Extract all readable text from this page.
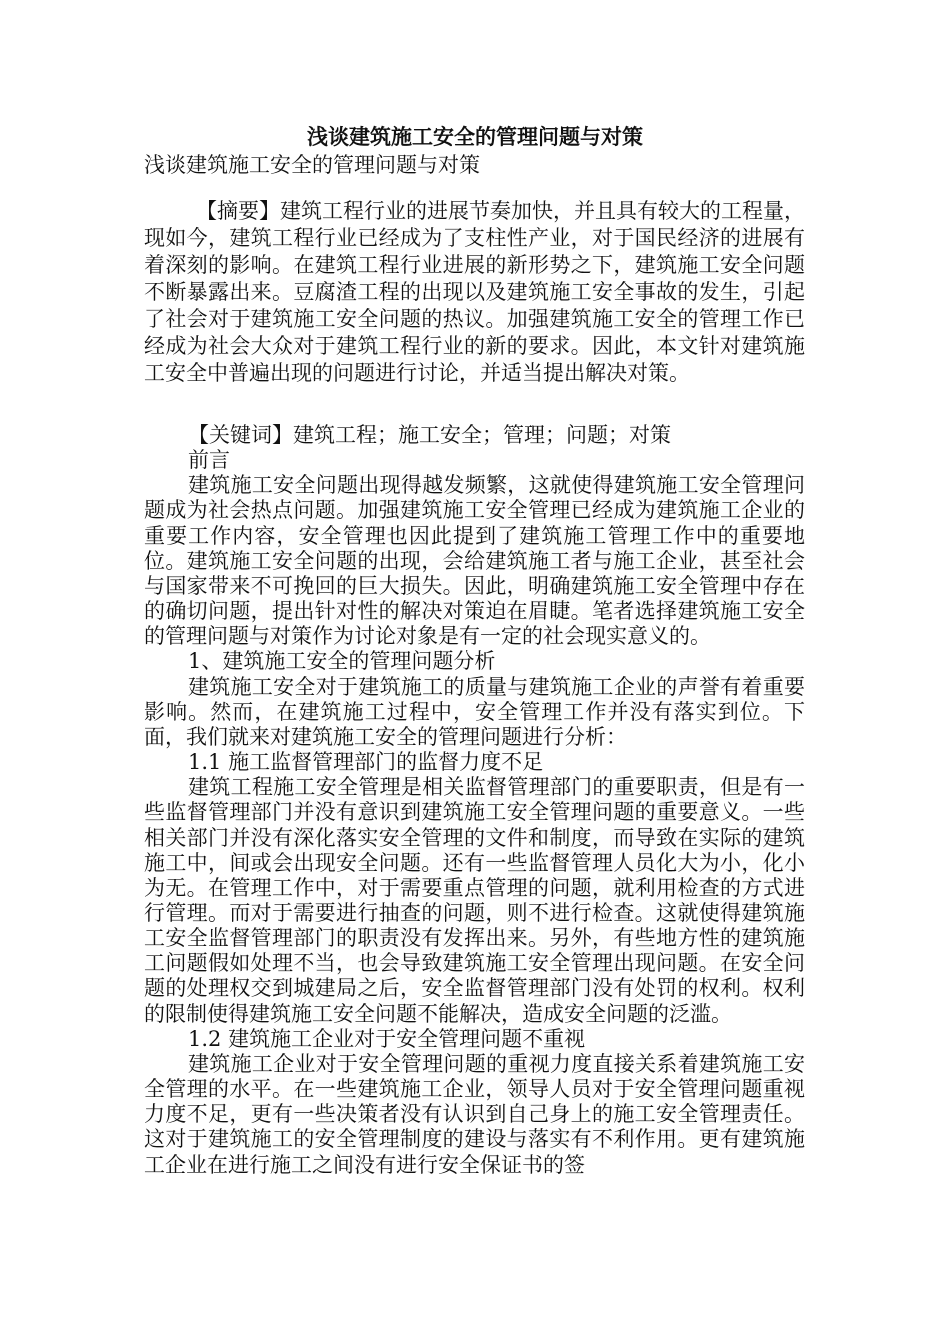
浅谈建筑施工安全的管理问题与对策
浅谈建筑施工安全的管理问题与对策

【摘要】建筑工程行业的进展节奏加快，并且具有较大的工程量，现如今，建筑工程行业已经成为了支柱性产业，对于国民经济的进展有着深刻的影响。在建筑工程行业进展的新形势之下，建筑施工安全问题不断暴露出来。豆腐渣工程的出现以及建筑施工安全事故的发生，引起了社会对于建筑施工安全问题的热议。加强建筑施工安全的管理工作已经成为社会大众对于建筑工程行业的新的要求。因此，本文针对建筑施工安全中普遍出现的问题进行讨论，并适当提出解决对策。

【关键词】建筑工程；施工安全；管理；问题；对策

前言

建筑施工安全问题出现得越发频繁，这就使得建筑施工安全管理问题成为社会热点问题。加强建筑施工安全管理已经成为建筑施工企业的重要工作内容，安全管理也因此提到了建筑施工管理工作中的重要地位。建筑施工安全问题的出现，会给建筑施工者与施工企业，甚至社会与国家带来不可挽回的巨大损失。因此，明确建筑施工安全管理中存在的确切问题，提出针对性的解决对策迫在眉睫。笔者选择建筑施工安全的管理问题与对策作为讨论对象是有一定的社会现实意义的。

1、建筑施工安全的管理问题分析

建筑施工安全对于建筑施工的质量与建筑施工企业的声誉有着重要影响。然而，在建筑施工过程中，安全管理工作并没有落实到位。下面，我们就来对建筑施工安全的管理问题进行分析：

1.1 施工监督管理部门的监督力度不足

建筑工程施工安全管理是相关监督管理部门的重要职责，但是有一些监督管理部门并没有意识到建筑施工安全管理问题的重要意义。一些相关部门并没有深化落实安全管理的文件和制度，而导致在实际的建筑施工中，间或会出现安全问题。还有一些监督管理人员化大为小，化小为无。在管理工作中，对于需要重点管理的问题，就利用检查的方式进行管理。而对于需要进行抽查的问题，则不进行检查。这就使得建筑施工安全监督管理部门的职责没有发挥出来。另外，有些地方性的建筑施工问题假如处理不当，也会导致建筑施工安全管理出现问题。在安全问题的处理权交到城建局之后，安全监督管理部门没有处罚的权利。权利的限制使得建筑施工安全问题不能解决，造成安全问题的泛滥。

1.2 建筑施工企业对于安全管理问题不重视

建筑施工企业对于安全管理问题的重视力度直接关系着建筑施工安全管理的水平。在一些建筑施工企业，领导人员对于安全管理问题重视力度不足，更有一些决策者没有认识到自己身上的施工安全管理责任。这对于建筑施工的安全管理制度的建设与落实有不利作用。更有建筑施工企业在进行施工之间没有进行安全保证书的签
